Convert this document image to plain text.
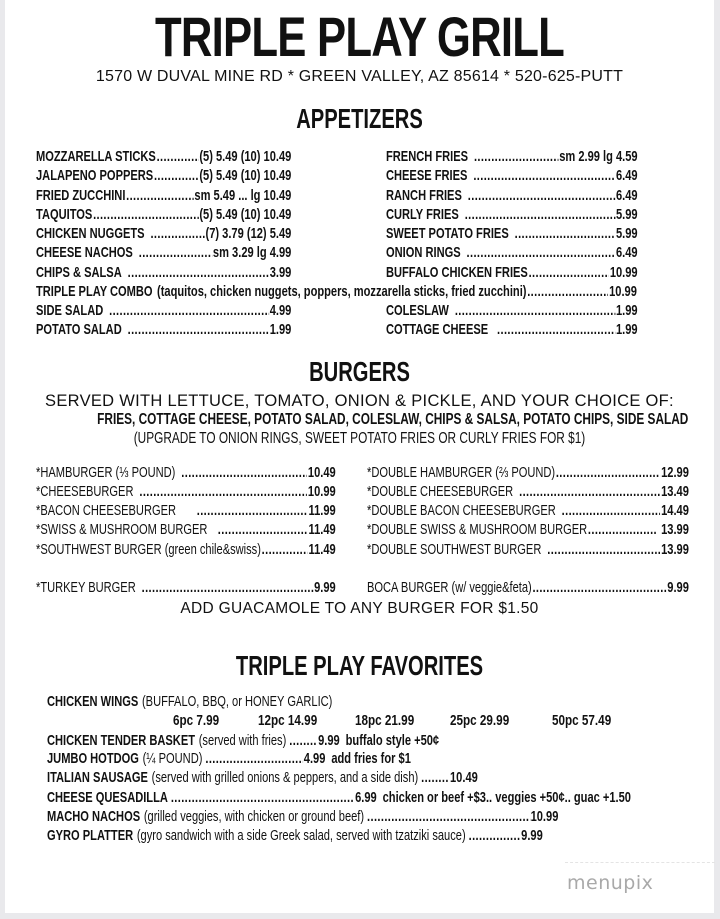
TRIPLE PLAY GRILL
1570 W DUVAL MINE RD * GREEN VALLEY, AZ 85614 * 520-625-PUTT
APPETIZERS
MOZZARELLA STICKS .....	(5) 5.49 (10) 10.49
JALAPENO POPPERS .....	(5) 5.49 (10) 10.49
FRIED ZUCCHINI .....	sm 5.49 ... lg 10.49
TAQUITOS .....	(5) 5.49 (10) 10.49
CHICKEN NUGGETS .....	(7) 3.79 (12) 5.49
CHEESE NACHOS .....	sm 3.29 lg 4.99
CHIPS & SALSA .....	3.99
FRENCH FRIES .....	sm 2.99 lg 4.59
CHEESE FRIES .....	6.49
RANCH FRIES .....	6.49
CURLY FRIES .....	5.99
SWEET POTATO FRIES .....	5.99
ONION RINGS .....	6.49
BUFFALO CHICKEN FRIES .....	10.99
TRIPLE PLAY COMBO (taquitos, chicken nuggets, poppers, mozzarella sticks, fried zucchini) .....	10.99
SIDE SALAD .....	4.99
POTATO SALAD .....	1.99
COLESLAW .....	1.99
COTTAGE CHEESE .....	1.99
BURGERS
SERVED WITH LETTUCE, TOMATO, ONION & PICKLE, AND YOUR CHOICE OF:
FRIES, COTTAGE CHEESE, POTATO SALAD, COLESLAW, CHIPS & SALSA, POTATO CHIPS, SIDE SALAD
(UPGRADE TO ONION RINGS, SWEET POTATO FRIES OR CURLY FRIES FOR $1)
*HAMBURGER (⅓ POUND) .....	10.49
*CHEESEBURGER .....	10.99
*BACON CHEESEBURGER .....	11.99
*SWISS & MUSHROOM BURGER .....	11.49
*SOUTHWEST BURGER (green chile&swiss) .....	11.49
*DOUBLE HAMBURGER (⅔ POUND) .....	12.99
*DOUBLE CHEESEBURGER .....	13.49
*DOUBLE BACON CHEESEBURGER .....	14.49
*DOUBLE SWISS & MUSHROOM BURGER .....	13.99
*DOUBLE SOUTHWEST BURGER .....	13.99
*TURKEY BURGER .....	9.99 BOCA BURGER (w/ veggie&feta) .....	9.99
ADD GUACAMOLE TO ANY BURGER FOR $1.50
TRIPLE PLAY FAVORITES
CHICKEN WINGS (BUFFALO, BBQ, or HONEY GARLIC)
6pc 7.99	12pc 14.99	18pc 21.99 25pc 29.99	50pc 57.49
CHICKEN TENDER BASKET (served with fries) ..... 9.99 buffalo style +50¢
JUMBO HOTDOG (¼ POUND) .....	4.99 add fries for $1
ITALIAN SAUSAGE (served with grilled onions & peppers, and a side dish) ..... 10.49
CHEESE QUESADILLA .....	6.99 chicken or beef +$3.. veggies +50¢.. guac +1.50
MACHO NACHOS (grilled veggies, with chicken or ground beef) .....	10.99
GYRO PLATTER (gyro sandwich with a side Greek salad, served with tzatziki sauce) .....	9.99
menupix
